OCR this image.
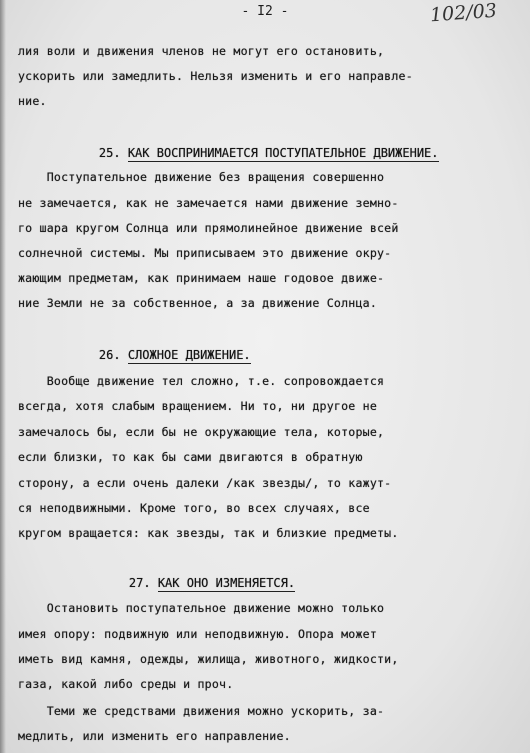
- I2 -	102/03
лия воли и движения членов не могут его остановить,
ускорить или замедлить. Нельзя изменить и его направле-
ние.

25. КАК ВОСПРИНИМАЕТСЯ ПОСТУПАТЕЛЬНОЕ ДВИЖЕНИЕ.

Поступательное движение без вращения совершенно
не замечается, как не замечается нами движение земно-
го шара кругом Солнца или прямолинейное движение всей
солнечной системы. Мы приписываем это движение окру-
жающим предметам, как принимаем наше годовое движе-
ние Земли не за собственное, а за движение Солнца.

26. СЛОЖНОЕ ДВИЖЕНИЕ.

Вообще движение тел сложно, т.е. сопровождается
всегда, хотя слабым вращением. Ни то, ни другое не
замечалось бы, если бы не окружающие тела, которые,
если близки, то как бы сами двигаются в обратную
сторону, а если очень далеки /как звезды/, то кажут-
ся неподвижными. Кроме того, во всех случаях, все
кругом вращается: как звезды, так и близкие предметы.

27. КАК ОНО ИЗМЕНЯЕТСЯ.

Остановить поступательное движение можно только
имея опору: подвижную или неподвижную. Опора может
иметь вид камня, одежды, жилища, животного, жидкости,
газа, какой либо среды и проч.
Теми же средствами движения можно ускорить, за-
медлить, или изменить его направление.
